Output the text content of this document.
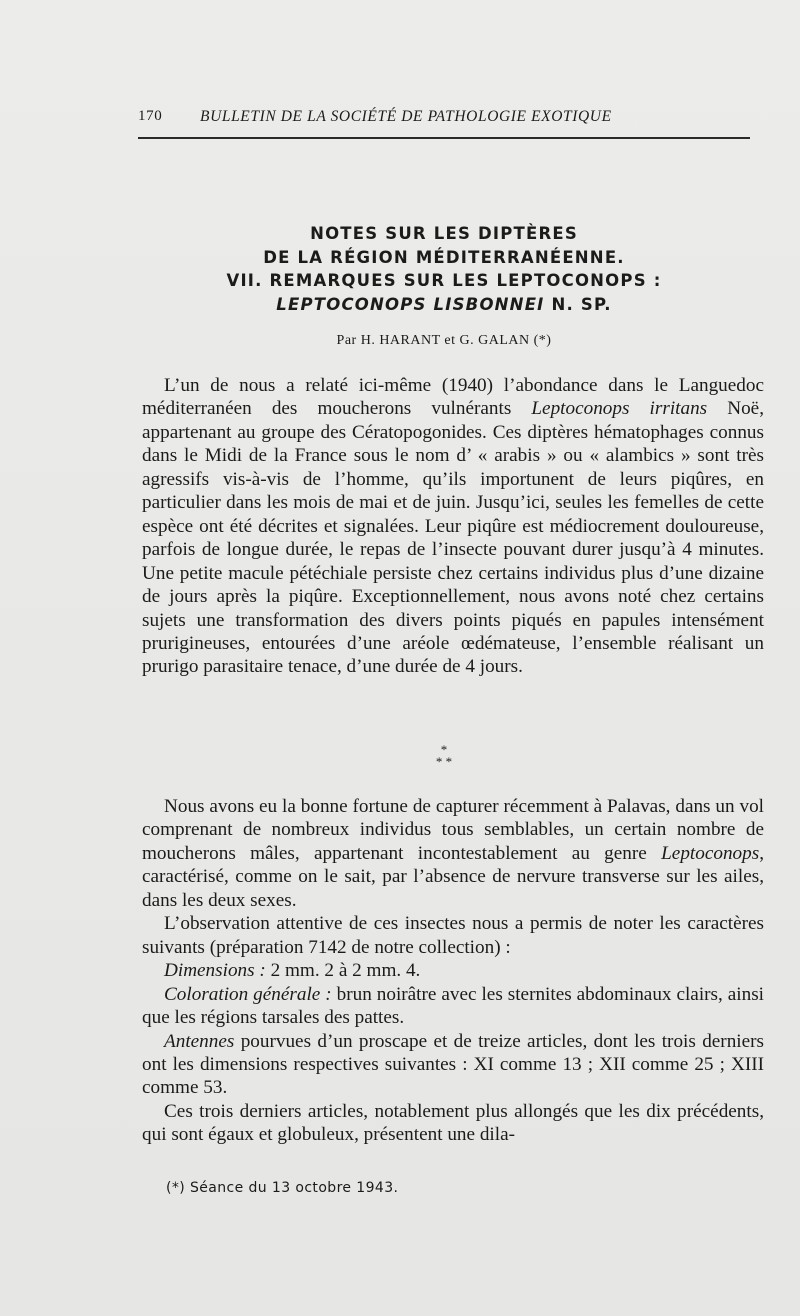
170 BULLETIN DE LA SOCIÉTÉ DE PATHOLOGIE EXOTIQUE
NOTES SUR LES DIPTÈRES
DE LA RÉGION MÉDITERRANÉENNE.
VII. REMARQUES SUR LES LEPTOCONOPS :
LEPTOCONOPS LISBONNEI N. SP.
Par H. HARANT et G. GALAN (*)
L’un de nous a relaté ici-même (1940) l’abondance dans le Languedoc méditerranéen des moucherons vulnérants Leptoconops irritans Noë, appartenant au groupe des Cératopogonides. Ces diptères hématophages connus dans le Midi de la France sous le nom d’ « arabis » ou « alambics » sont très agressifs vis-à-vis de l’homme, qu’ils importunent de leurs piqûres, en particulier dans les mois de mai et de juin. Jusqu’ici, seules les femelles de cette espèce ont été décrites et signalées. Leur piqûre est médiocrement douloureuse, parfois de longue durée, le repas de l’insecte pouvant durer jusqu’à 4 minutes. Une petite macule pétéchiale persiste chez certains individus plus d’une dizaine de jours après la piqûre. Exceptionnellement, nous avons noté chez certains sujets une transformation des divers points piqués en papules intensément prurigineuses, entourées d’une aréole œdémateuse, l’ensemble réalisant un prurigo parasitaire tenace, d’une durée de 4 jours.
*
* *

Nous avons eu la bonne fortune de capturer récemment à Palavas, dans un vol comprenant de nombreux individus tous semblables, un certain nombre de moucherons mâles, appartenant incontestablement au genre Leptoconops, caractérisé, comme on le sait, par l’absence de nervure transverse sur les ailes, dans les deux sexes.

L’observation attentive de ces insectes nous a permis de noter les caractères suivants (préparation 7142 de notre collection) :

Dimensions : 2 mm. 2 à 2 mm. 4.

Coloration générale : brun noirâtre avec les sternites abdominaux clairs, ainsi que les régions tarsales des pattes.

Antennes pourvues d’un proscape et de treize articles, dont les trois derniers ont les dimensions respectives suivantes : XI comme 13 ; XII comme 25 ; XIII comme 53.

Ces trois derniers articles, notablement plus allongés que les dix précédents, qui sont égaux et globuleux, présentent une dila-

(*) Séance du 13 octobre 1943.
